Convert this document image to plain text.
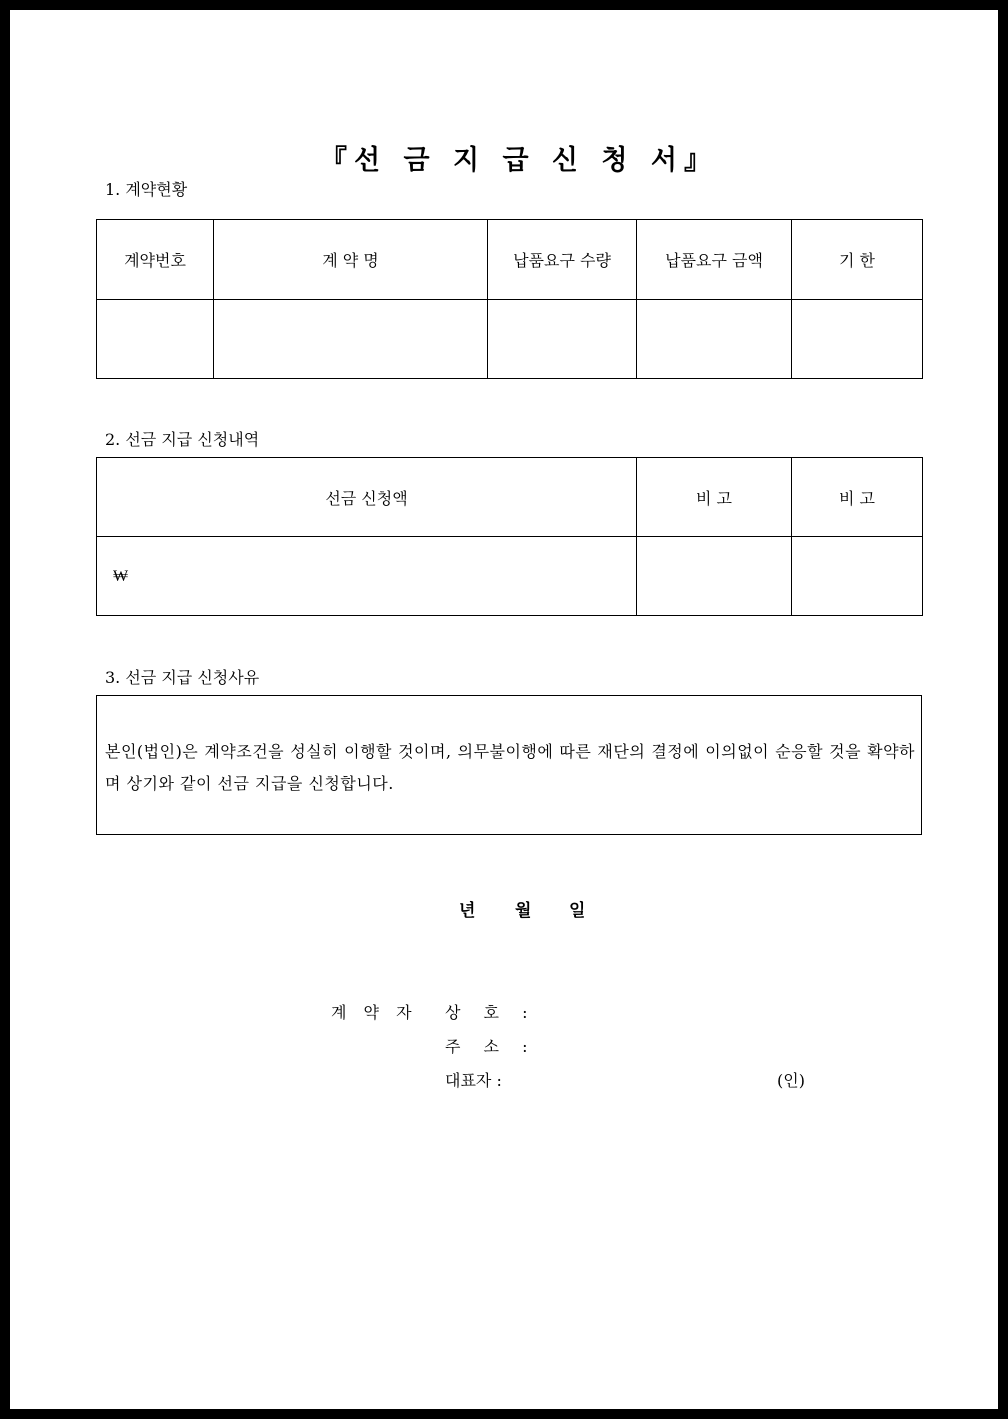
『선 금 지 급 신 청 서』
1. 계약현황
계약번호	계 약 명	납품요구 수량	납품요구 금액	기 한

2. 선금 지급 신청내역
선금 신청액	비 고	비 고
₩		
3. 선금 지급 신청사유
본인(법인)은 계약조건을 성실히 이행할 것이며, 의무불이행에 따른 재단의 결정에 이의없이 순응할 것을 확약하며 상기와 같이 선금 지급을 신청합니다.
년 월 일
계 약 자 상 호 :
주 소 :
대표자 :	(인)
